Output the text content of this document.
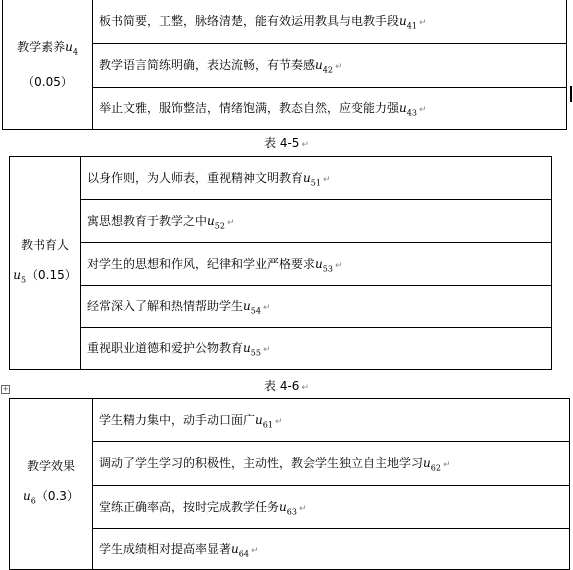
教学素养$u_4$
（0.05）
	板书简要，工整，脉络清楚，能有效运用教具与电教手段$u_{41}$ ↵
教学语言简练明确，表达流畅，有节奏感$u_{42}$ ↵
举止文雅，服饰整洁，情绪饱满，教态自然，应变能力强$u_{43}$ ↵
表 4-5 ↵
教书育人
$u_5(0.15)$
	以身作则，为人师表，重视精神文明教育$u_{51}$ ↵
寓思想教育于教学之中$u_{52}$ ↵
对学生的思想和作风，纪律和学业严格要求$u_{53}$ ↵
经常深入了解和热情帮助学生$u_{54}$ ↵
重视职业道德和爱护公物教育$u_{55}$ ↵
表 4-6 ↵
+
教学效果
$u_6(0.3)$
	学生精力集中，动手动口面广$u_{61}$ ↵
调动了学生学习的积极性，主动性，教会学生独立自主地学习$u_{62}$ ↵
堂练正确率高，按时完成教学任务$u_{63}$ ↵
学生成绩相对提高率显著$u_{64}$ ↵
